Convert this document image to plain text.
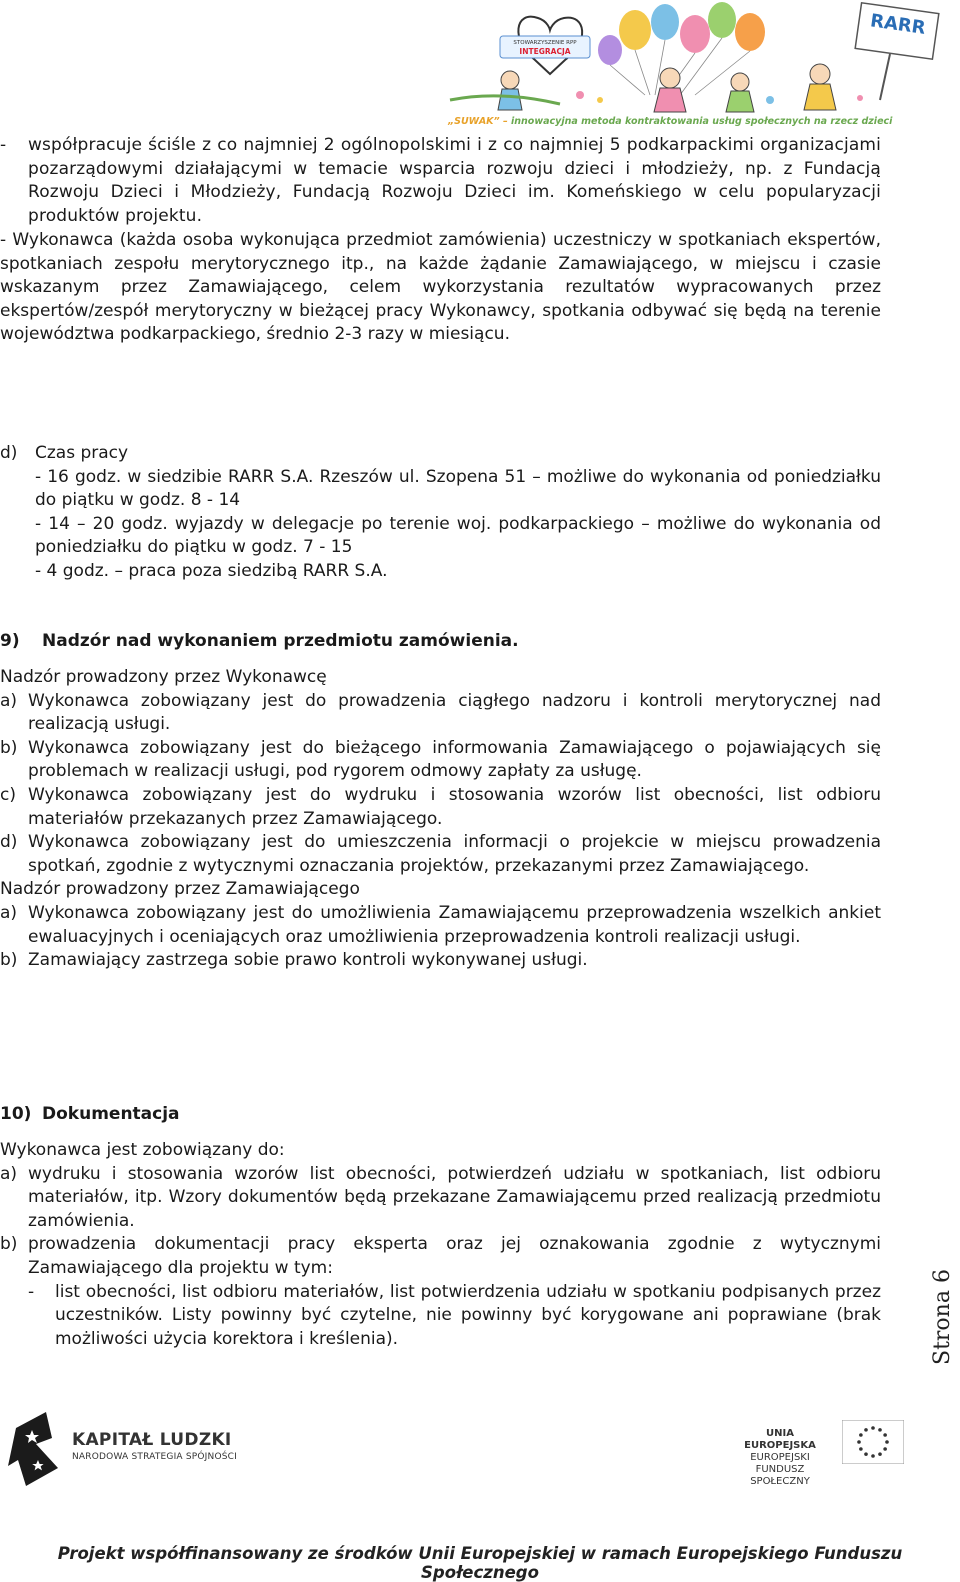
STOWARZYSZENIE RPP
INTEGRACJA
RARR
„SUWAK” – innowacyjna metoda kontraktowania usług społecznych na rzecz dzieci
-	współpracuje ściśle z co najmniej 2 ogólnopolskimi i z co najmniej 5 podkarpackimi organizacjami pozarządowymi działającymi w temacie wsparcia rozwoju dzieci i młodzieży, np. z Fundacją Rozwoju Dzieci i Młodzieży, Fundacją Rozwoju Dzieci im. Komeńskiego w celu popularyzacji produktów projektu.

- Wykonawca (każda osoba wykonująca przedmiot zamówienia) uczestniczy w spotkaniach ekspertów, spotkaniach zespołu merytorycznego itp., na każde żądanie Zamawiającego, w miejscu i czasie wskazanym przez Zamawiającego, celem wykorzystania rezultatów wypracowanych przez ekspertów/zespół merytoryczny w bieżącej pracy Wykonawcy, spotkania odbywać się będą na terenie województwa podkarpackiego, średnio 2-3 razy w miesiącu.

d)	Czas pracy
- 16 godz. w siedzibie RARR S.A. Rzeszów ul. Szopena 51 – możliwe do wykonania od poniedziałku do piątku w godz. 8 - 14
- 14 – 20 godz. wyjazdy w delegacje po terenie woj. podkarpackiego – możliwe do wykonania od poniedziałku do piątku w godz. 7 - 15
- 4 godz. – praca poza siedzibą RARR S.A.
9)	Nadzór nad wykonaniem przedmiotu zamówienia.
Nadzór prowadzony przez Wykonawcę
a) Wykonawca zobowiązany jest do prowadzenia ciągłego nadzoru i kontroli merytorycznej nad realizacją usługi.
b) Wykonawca zobowiązany jest do bieżącego informowania Zamawiającego o pojawiających się problemach w realizacji usługi, pod rygorem odmowy zapłaty za usługę.
c) Wykonawca zobowiązany jest do wydruku i stosowania wzorów list obecności, list odbioru materiałów przekazanych przez Zamawiającego.
d) Wykonawca zobowiązany jest do umieszczenia informacji o projekcie w miejscu prowadzenia spotkań, zgodnie z wytycznymi oznaczania projektów, przekazanymi przez Zamawiającego.
Nadzór prowadzony przez Zamawiającego
a) Wykonawca zobowiązany jest do umożliwienia Zamawiającemu przeprowadzenia wszelkich ankiet ewaluacyjnych i oceniających oraz umożliwienia przeprowadzenia kontroli realizacji usługi.
b) Zamawiający zastrzega sobie prawo kontroli wykonywanej usługi.
10) Dokumentacja
Wykonawca jest zobowiązany do:
a) wydruku i stosowania wzorów list obecności, potwierdzeń udziału w spotkaniach, list odbioru materiałów, itp. Wzory dokumentów będą przekazane Zamawiającemu przed realizacją przedmiotu zamówienia.
b) prowadzenia dokumentacji pracy eksperta oraz jej oznakowania zgodnie z wytycznymi Zamawiającego dla projektu w tym:
-	list obecności, list odbioru materiałów, list potwierdzenia udziału w spotkaniu podpisanych przez uczestników. Listy powinny być czytelne, nie powinny być korygowane ani poprawiane (brak możliwości użycia korektora i kreślenia).	Strona 6
KAPITAŁ LUDZKI
NARODOWA STRATEGIA SPÓJNOŚCI
UNIA EUROPEJSKA
EUROPEJSKI
FUNDUSZ SPOŁECZNY
Projekt współfinansowany ze środków Unii Europejskiej w ramach Europejskiego Funduszu Społecznego
